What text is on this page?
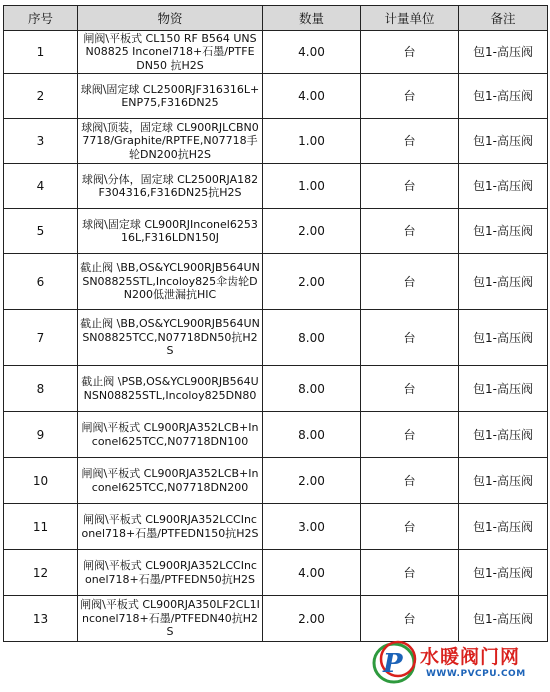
序号	物资	数量	计量单位	备注
1	闸阀\平板式 CL150 RF B564 UNS N08825 Inconel718+石墨/PTFE DN50 抗H2S	4.00	台	包1-高压阀
2	球阀\固定球 CL2500RJF316316L+ENP75,F316DN25	4.00	台	包1-高压阀
3	球阀\顶装，固定球 CL900RJLCBN07718/Graphite/RPTFE,N07718手轮DN200抗H2S	1.00	台	包1-高压阀
4	球阀\分体，固定球 CL2500RJA182F304316,F316DN25抗H2S	1.00	台	包1-高压阀
5	球阀\固定球 CL900RJInconel625316L,F316LDN150J	2.00	台	包1-高压阀
6	截止阀 \BB,OS&YCL900RJB564UNSN08825STL,Incoloy825伞齿轮DN200低泄漏抗HIC	2.00	台	包1-高压阀
7	截止阀 \BB,OS&YCL900RJB564UNSN08825TCC,N07718DN50抗H2S	8.00	台	包1-高压阀
8	截止阀 \PSB,OS&YCL900RJB564UNSN08825STL,Incoloy825DN80	8.00	台	包1-高压阀
9	闸阀\平板式 CL900RJA352LCB+Inconel625TCC,N07718DN100	8.00	台	包1-高压阀
10	闸阀\平板式 CL900RJA352LCB+Inconel625TCC,N07718DN200	2.00	台	包1-高压阀
11	闸阀\平板式 CL900RJA352LCCInconel718+石墨/PTFEDN150抗H2S	3.00	台	包1-高压阀
12	闸阀\平板式 CL900RJA352LCCInconel718+石墨/PTFEDN50抗H2S	4.00	台	包1-高压阀
13	闸阀\平板式 CL900RJA350LF2CL1Inconel718+石墨/PTFEDN40抗H2S	2.00	台	包1-高压阀
P 水暖阀门网
WWW.PVCPU.COM
